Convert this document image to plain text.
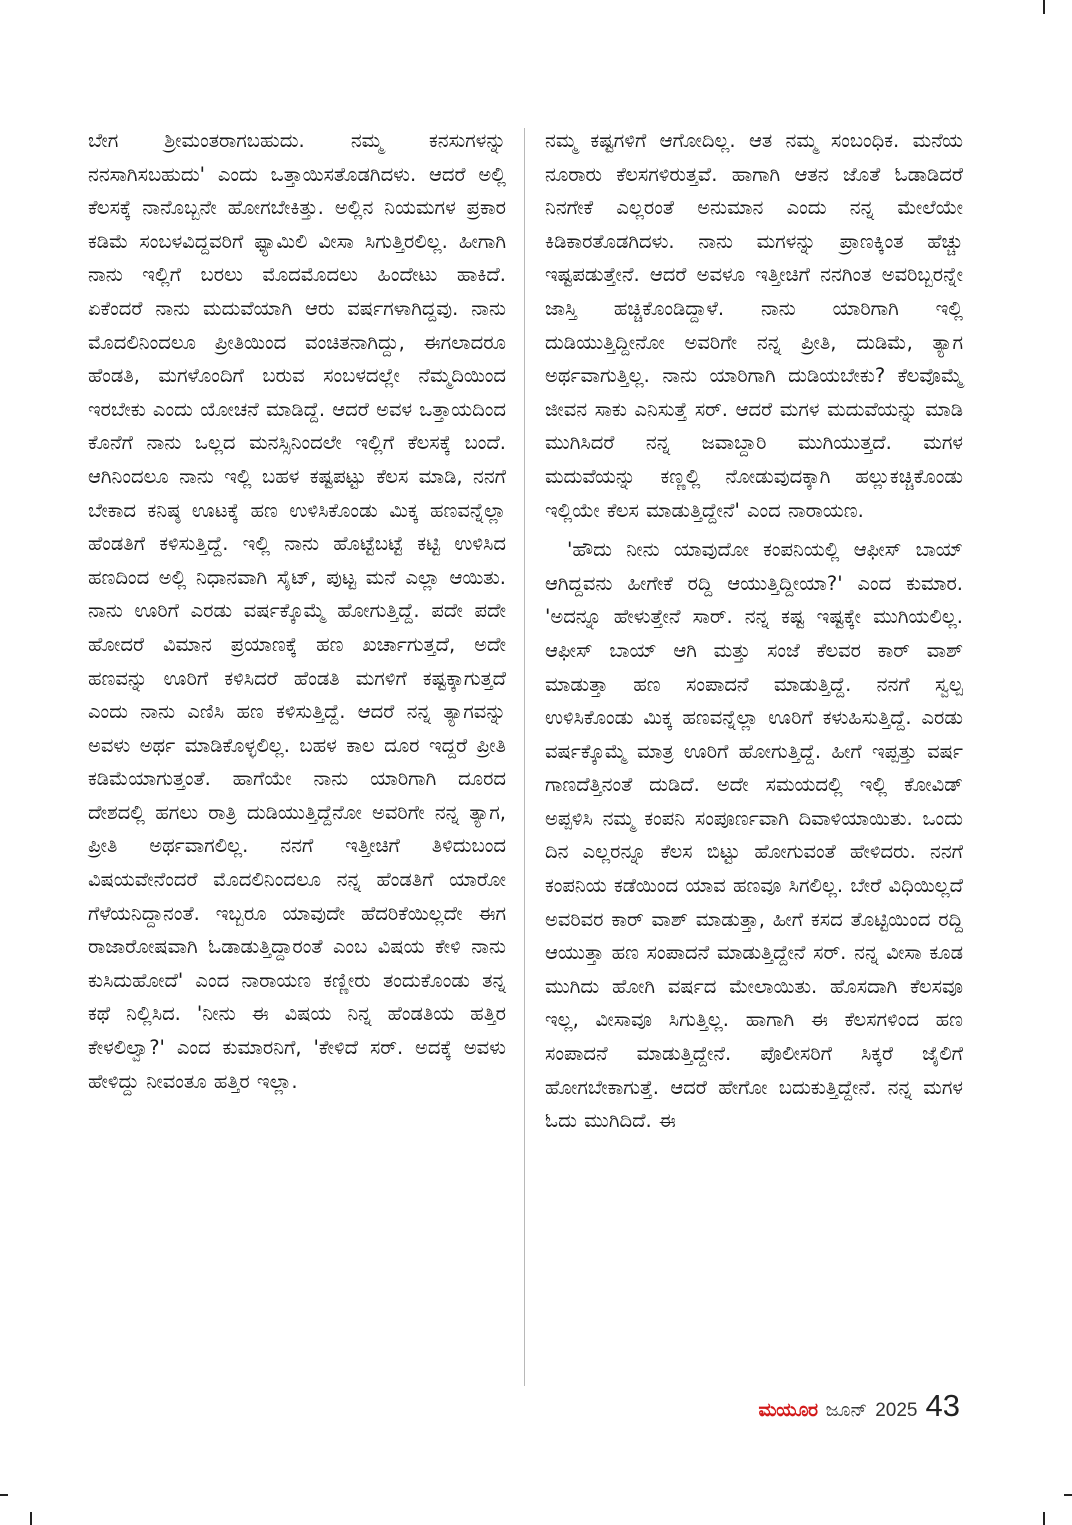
ಬೇಗ ಶ್ರೀಮಂತರಾಗಬಹುದು. ನಮ್ಮ ಕನಸುಗಳನ್ನು ನನಸಾಗಿಸಬಹುದು' ಎಂದು ಒತ್ತಾಯಿಸತೊಡಗಿದಳು. ಆದರೆ ಅಲ್ಲಿ ಕೆಲಸಕ್ಕೆ ನಾನೊಬ್ಬನೇ ಹೋಗಬೇಕಿತ್ತು. ಅಲ್ಲಿನ ನಿಯಮಗಳ ಪ್ರಕಾರ ಕಡಿಮೆ ಸಂಬಳವಿದ್ದವರಿಗೆ ಫ್ಯಾಮಿಲಿ ವೀಸಾ ಸಿಗುತ್ತಿರಲಿಲ್ಲ. ಹೀಗಾಗಿ ನಾನು ಇಲ್ಲಿಗೆ ಬರಲು ಮೊದಮೊದಲು ಹಿಂದೇಟು ಹಾಕಿದೆ. ಏಕೆಂದರೆ ನಾನು ಮದುವೆಯಾಗಿ ಆರು ವರ್ಷಗಳಾಗಿದ್ದವು. ನಾನು ಮೊದಲಿನಿಂದಲೂ ಪ್ರೀತಿಯಿಂದ ವಂಚಿತನಾಗಿದ್ದು, ಈಗಲಾದರೂ ಹೆಂಡತಿ, ಮಗಳೊಂದಿಗೆ ಬರುವ ಸಂಬಳದಲ್ಲೇ ನೆಮ್ಮದಿಯಿಂದ ಇರಬೇಕು ಎಂದು ಯೋಚನೆ ಮಾಡಿದ್ದೆ. ಆದರೆ ಅವಳ ಒತ್ತಾಯದಿಂದ ಕೊನೆಗೆ ನಾನು ಒಲ್ಲದ ಮನಸ್ಸಿನಿಂದಲೇ ಇಲ್ಲಿಗೆ ಕೆಲಸಕ್ಕೆ ಬಂದೆ. ಆಗಿನಿಂದಲೂ ನಾನು ಇಲ್ಲಿ ಬಹಳ ಕಷ್ಟಪಟ್ಟು ಕೆಲಸ ಮಾಡಿ, ನನಗೆ ಬೇಕಾದ ಕನಿಷ್ಠ ಊಟಕ್ಕೆ ಹಣ ಉಳಿಸಿಕೊಂಡು ಮಿಕ್ಕ ಹಣವನ್ನೆಲ್ಲಾ ಹೆಂಡತಿಗೆ ಕಳಿಸುತ್ತಿದ್ದೆ. ಇಲ್ಲಿ ನಾನು ಹೊಟ್ಟೆಬಟ್ಟೆ ಕಟ್ಟಿ ಉಳಿಸಿದ ಹಣದಿಂದ ಅಲ್ಲಿ ನಿಧಾನವಾಗಿ ಸೈಟ್, ಪುಟ್ಟ ಮನೆ ಎಲ್ಲಾ ಆಯಿತು. ನಾನು ಊರಿಗೆ ಎರಡು ವರ್ಷಕ್ಕೊಮ್ಮೆ ಹೋಗುತ್ತಿದ್ದೆ. ಪದೇ ಪದೇ ಹೋದರೆ ವಿಮಾನ ಪ್ರಯಾಣಕ್ಕೆ ಹಣ ಖರ್ಚಾಗುತ್ತದೆ, ಅದೇ ಹಣವನ್ನು ಊರಿಗೆ ಕಳಿಸಿದರೆ ಹೆಂಡತಿ ಮಗಳಿಗೆ ಕಷ್ಟಕ್ಕಾಗುತ್ತದೆ ಎಂದು ನಾನು ಎಣಿಸಿ ಹಣ ಕಳಿಸುತ್ತಿದ್ದೆ. ಆದರೆ ನನ್ನ ತ್ಯಾಗವನ್ನು ಅವಳು ಅರ್ಥ ಮಾಡಿಕೊಳ್ಳಲಿಲ್ಲ. ಬಹಳ ಕಾಲ ದೂರ ಇದ್ದರೆ ಪ್ರೀತಿ ಕಡಿಮೆಯಾಗುತ್ತಂತೆ. ಹಾಗೆಯೇ ನಾನು ಯಾರಿಗಾಗಿ ದೂರದ ದೇಶದಲ್ಲಿ ಹಗಲು ರಾತ್ರಿ ದುಡಿಯುತ್ತಿದ್ದೆನೋ ಅವರಿಗೇ ನನ್ನ ತ್ಯಾಗ, ಪ್ರೀತಿ ಅರ್ಥವಾಗಲಿಲ್ಲ. ನನಗೆ ಇತ್ತೀಚಿಗೆ ತಿಳಿದುಬಂದ ವಿಷಯವೇನೆಂದರೆ ಮೊದಲಿನಿಂದಲೂ ನನ್ನ ಹೆಂಡತಿಗೆ ಯಾರೋ ಗೆಳೆಯನಿದ್ದಾನಂತೆ. ಇಬ್ಬರೂ ಯಾವುದೇ ಹೆದರಿಕೆಯಿಲ್ಲದೇ ಈಗ ರಾಜಾರೋಷವಾಗಿ ಓಡಾಡುತ್ತಿದ್ದಾರಂತೆ ಎಂಬ ವಿಷಯ ಕೇಳಿ ನಾನು ಕುಸಿದುಹೋದೆ' ಎಂದ ನಾರಾಯಣ ಕಣ್ಣೀರು ತಂದುಕೊಂಡು ತನ್ನ ಕಥೆ ನಿಲ್ಲಿಸಿದ. 'ನೀನು ಈ ವಿಷಯ ನಿನ್ನ ಹೆಂಡತಿಯ ಹತ್ತಿರ ಕೇಳಲಿಲ್ವಾ?' ಎಂದ ಕುಮಾರನಿಗೆ, 'ಕೇಳಿದೆ ಸರ್. ಅದಕ್ಕೆ ಅವಳು ಹೇಳಿದ್ದು ನೀವಂತೂ ಹತ್ತಿರ ಇಲ್ಲಾ.

ನಮ್ಮ ಕಷ್ಟಗಳಿಗೆ ಆಗೋದಿಲ್ಲ. ಆತ ನಮ್ಮ ಸಂಬಂಧಿಕ. ಮನೆಯ ನೂರಾರು ಕೆಲಸಗಳಿರುತ್ತವೆ. ಹಾಗಾಗಿ ಆತನ ಜೊತೆ ಓಡಾಡಿದರೆ ನಿನಗೇಕೆ ಎಲ್ಲರಂತೆ ಅನುಮಾನ ಎಂದು ನನ್ನ ಮೇಲೆಯೇ ಕಿಡಿಕಾರತೊಡಗಿದಳು. ನಾನು ಮಗಳನ್ನು ಪ್ರಾಣಕ್ಕಿಂತ ಹೆಚ್ಚು ಇಷ್ಟಪಡುತ್ತೇನೆ. ಆದರೆ ಅವಳೂ ಇತ್ತೀಚಿಗೆ ನನಗಿಂತ ಅವರಿಬ್ಬರನ್ನೇ ಜಾಸ್ತಿ ಹಚ್ಚಿಕೊಂಡಿದ್ದಾಳೆ. ನಾನು ಯಾರಿಗಾಗಿ ಇಲ್ಲಿ ದುಡಿಯುತ್ತಿದ್ದೀನೋ ಅವರಿಗೇ ನನ್ನ ಪ್ರೀತಿ, ದುಡಿಮೆ, ತ್ಯಾಗ ಅರ್ಥವಾಗುತ್ತಿಲ್ಲ. ನಾನು ಯಾರಿಗಾಗಿ ದುಡಿಯಬೇಕು? ಕೆಲವೊಮ್ಮೆ ಜೀವನ ಸಾಕು ಎನಿಸುತ್ತೆ ಸರ್. ಆದರೆ ಮಗಳ ಮದುವೆಯನ್ನು ಮಾಡಿ ಮುಗಿಸಿದರೆ ನನ್ನ ಜವಾಬ್ದಾರಿ ಮುಗಿಯುತ್ತದೆ. ಮಗಳ ಮದುವೆಯನ್ನು ಕಣ್ಣಲ್ಲಿ ನೋಡುವುದಕ್ಕಾಗಿ ಹಲ್ಲುಕಚ್ಚಿಕೊಂಡು ಇಲ್ಲಿಯೇ ಕೆಲಸ ಮಾಡುತ್ತಿದ್ದೇನೆ' ಎಂದ ನಾರಾಯಣ.

'ಹೌದು ನೀನು ಯಾವುದೋ ಕಂಪನಿಯಲ್ಲಿ ಆಫೀಸ್ ಬಾಯ್ ಆಗಿದ್ದವನು ಹೀಗೇಕೆ ರದ್ದಿ ಆಯುತ್ತಿದ್ದೀಯಾ?' ಎಂದ ಕುಮಾರ. 'ಅದನ್ನೂ ಹೇಳುತ್ತೇನೆ ಸಾರ್. ನನ್ನ ಕಷ್ಟ ಇಷ್ಟಕ್ಕೇ ಮುಗಿಯಲಿಲ್ಲ. ಆಫೀಸ್ ಬಾಯ್ ಆಗಿ ಮತ್ತು ಸಂಜೆ ಕೆಲವರ ಕಾರ್ ವಾಶ್ ಮಾಡುತ್ತಾ ಹಣ ಸಂಪಾದನೆ ಮಾಡುತ್ತಿದ್ದೆ. ನನಗೆ ಸ್ವಲ್ಪ ಉಳಿಸಿಕೊಂಡು ಮಿಕ್ಕ ಹಣವನ್ನೆಲ್ಲಾ ಊರಿಗೆ ಕಳುಹಿಸುತ್ತಿದ್ದೆ. ಎರಡು ವರ್ಷಕ್ಕೊಮ್ಮೆ ಮಾತ್ರ ಊರಿಗೆ ಹೋಗುತ್ತಿದ್ದೆ. ಹೀಗೆ ಇಪ್ಪತ್ತು ವರ್ಷ ಗಾಣದೆತ್ತಿನಂತೆ ದುಡಿದೆ. ಅದೇ ಸಮಯದಲ್ಲಿ ಇಲ್ಲಿ ಕೋವಿಡ್ ಅಪ್ಪಳಿಸಿ ನಮ್ಮ ಕಂಪನಿ ಸಂಪೂರ್ಣವಾಗಿ ದಿವಾಳಿಯಾಯಿತು. ಒಂದು ದಿನ ಎಲ್ಲರನ್ನೂ ಕೆಲಸ ಬಿಟ್ಟು ಹೋಗುವಂತೆ ಹೇಳಿದರು. ನನಗೆ ಕಂಪನಿಯ ಕಡೆಯಿಂದ ಯಾವ ಹಣವೂ ಸಿಗಲಿಲ್ಲ. ಬೇರೆ ವಿಧಿಯಿಲ್ಲದೆ ಅವರಿವರ ಕಾರ್ ವಾಶ್ ಮಾಡುತ್ತಾ, ಹೀಗೆ ಕಸದ ತೊಟ್ಟಿಯಿಂದ ರದ್ದಿ ಆಯುತ್ತಾ ಹಣ ಸಂಪಾದನೆ ಮಾಡುತ್ತಿದ್ದೇನೆ ಸರ್. ನನ್ನ ವೀಸಾ ಕೂಡ ಮುಗಿದು ಹೋಗಿ ವರ್ಷದ ಮೇಲಾಯಿತು. ಹೊಸದಾಗಿ ಕೆಲಸವೂ ಇಲ್ಲ, ವೀಸಾವೂ ಸಿಗುತ್ತಿಲ್ಲ. ಹಾಗಾಗಿ ಈ ಕೆಲಸಗಳಿಂದ ಹಣ ಸಂಪಾದನೆ ಮಾಡುತ್ತಿದ್ದೇನೆ. ಪೊಲೀಸರಿಗೆ ಸಿಕ್ಕರೆ ಜೈಲಿಗೆ ಹೋಗಬೇಕಾಗುತ್ತೆ. ಆದರೆ ಹೇಗೋ ಬದುಕುತ್ತಿದ್ದೇನೆ. ನನ್ನ ಮಗಳ ಓದು ಮುಗಿದಿದೆ. ಈ

ಮಯೂರ ಜೂನ್ 2025 43
